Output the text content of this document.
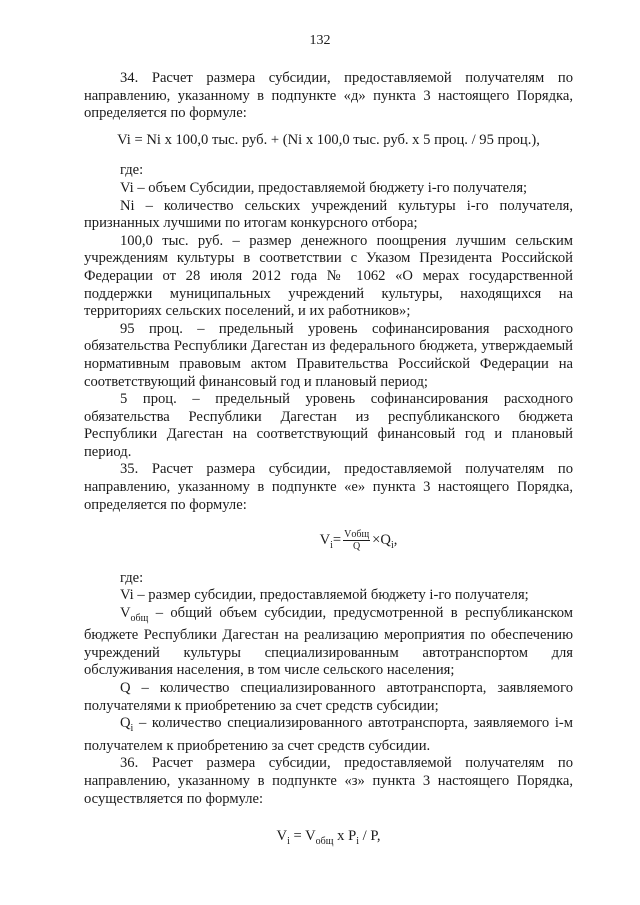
132

34. Расчет размера субсидии, предоставляемой получателям по направлению, указанному в подпункте «д» пункта 3 настоящего Порядка, определяется по формуле:

Vi = Ni x 100,0 тыс. руб. + (Ni x 100,0 тыс. руб. x 5 проц. / 95 проц.),

где:

Vi – объем Субсидии, предоставляемой бюджету i-го получателя;

Ni – количество сельских учреждений культуры i-го получателя, признанных лучшими по итогам конкурсного отбора;

100,0 тыс. руб. – размер денежного поощрения лучшим сельским учреждениям культуры в соответствии с Указом Президента Российской Федерации от 28 июля 2012 года № 1062 «О мерах государственной поддержки муниципальных учреждений культуры, находящихся на территориях сельских поселений, и их работников»;

95 проц. – предельный уровень софинансирования расходного обязательства Республики Дагестан из федерального бюджета, утверждаемый нормативным правовым актом Правительства Российской Федерации на соответствующий финансовый год и плановый период;

5 проц. – предельный уровень софинансирования расходного обязательства Республики Дагестан из республиканского бюджета Республики Дагестан на соответствующий финансовый год и плановый период.

35. Расчет размера субсидии, предоставляемой получателям по направлению, указанному в подпункте «е» пункта 3 настоящего Порядка, определяется по формуле:

$V_i= \frac{\text{Vобщ}}{Q} \times Q_i$,

где:

Vi – размер субсидии, предоставляемой бюджету i-го получателя;

$V_{общ}$ – общий объем субсидии, предусмотренной в республиканском бюджете Республики Дагестан на реализацию мероприятия по обеспечению учреждений культуры специализированным автотранспортом для обслуживания населения, в том числе сельского населения;

Q – количество специализированного автотранспорта, заявляемого получателями к приобретению за счет средств субсидии;

$Q_i$ – количество специализированного автотранспорта, заявляемого i-м получателем к приобретению за счет средств субсидии.

36. Расчет размера субсидии, предоставляемой получателям по направлению, указанному в подпункте «з» пункта 3 настоящего Порядка, осуществляется по формуле:

$V_i = V_{общ}$ x $P_i$ / P,
